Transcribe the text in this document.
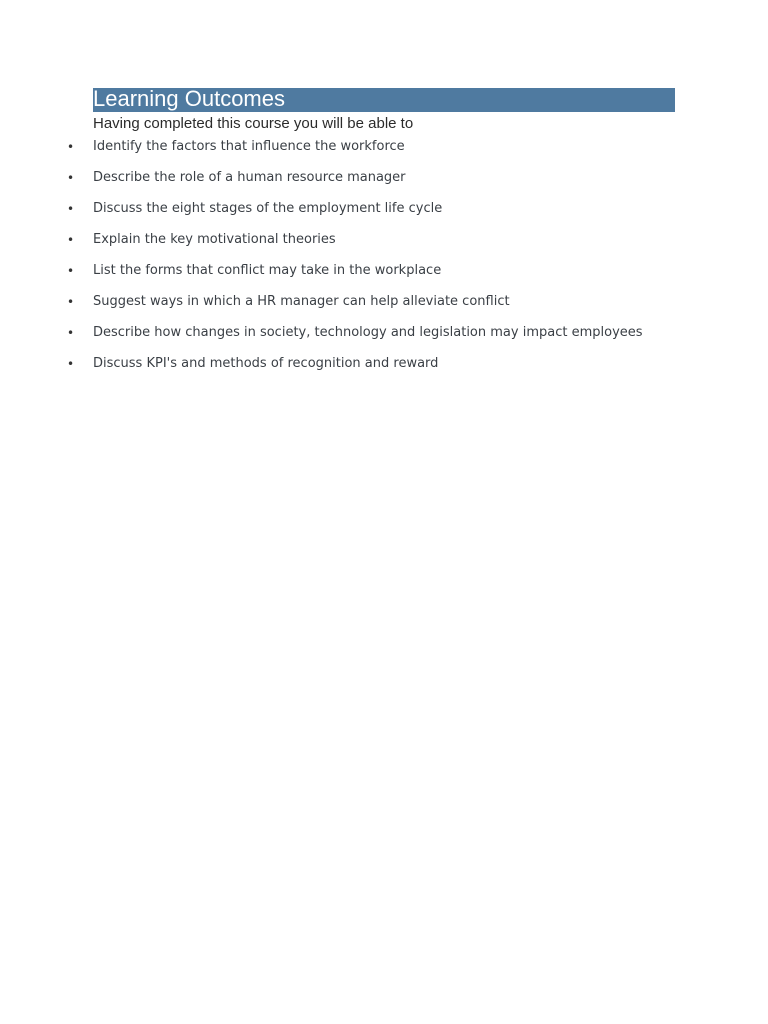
Learning Outcomes
Having completed this course you will be able to
• Identify the factors that influence the workforce
• Describe the role of a human resource manager
• Discuss the eight stages of the employment life cycle
• Explain the key motivational theories
• List the forms that conflict may take in the workplace
• Suggest ways in which a HR manager can help alleviate conflict
• Describe how changes in society, technology and legislation may impact employees
• Discuss KPI's and methods of recognition and reward
